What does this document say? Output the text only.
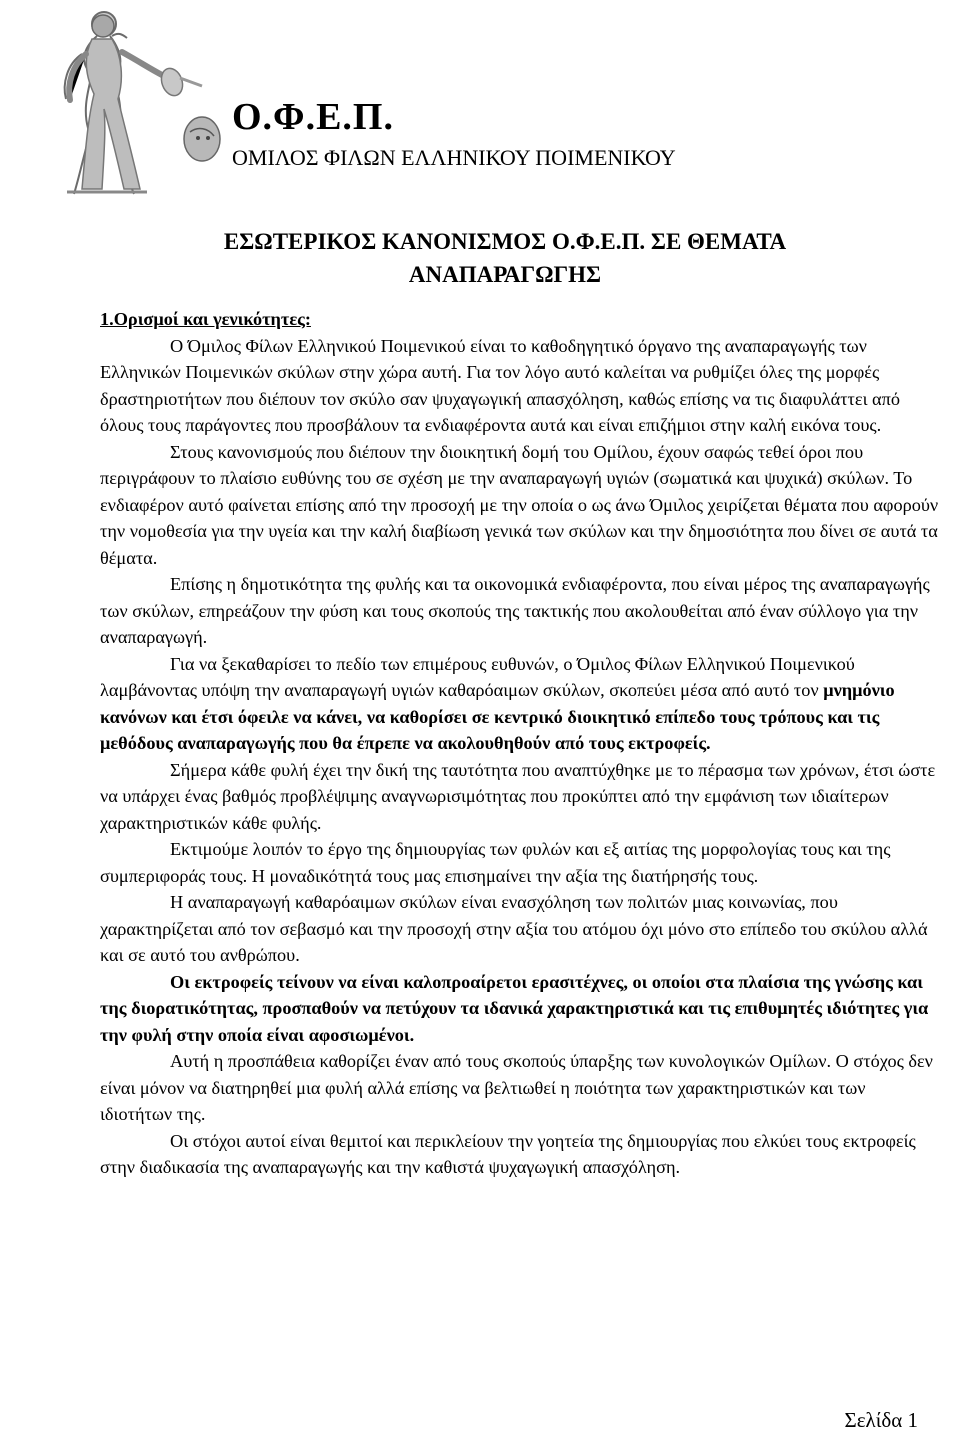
Ο.Φ.Ε.Π.

ΟΜΙΛΟΣ ΦΙΛΩΝ ΕΛΛΗΝΙΚΟΥ ΠΟΙΜΕΝΙΚΟΥ

ΕΣΩΤΕΡΙΚΟΣ ΚΑΝΟΝΙΣΜΟΣ Ο.Φ.Ε.Π. ΣΕ ΘΕΜΑΤΑ
ΑΝΑΠΑΡΑΓΩΓΗΣ

1.Ορισμοί και γενικότητες:

Ο Όμιλος Φίλων Ελληνικού Ποιμενικού είναι το καθοδηγητικό όργανο της αναπαραγωγής των Ελληνικών Ποιμενικών σκύλων στην χώρα αυτή. Για τον λόγο αυτό καλείται να ρυθμίζει όλες της μορφές δραστηριοτήτων που διέπουν τον σκύλο σαν ψυχαγωγική απασχόληση, καθώς επίσης να τις διαφυλάττει από όλους τους παράγοντες που προσβάλουν τα ενδιαφέροντα αυτά και είναι επιζήμιοι στην καλή εικόνα τους.

Στους κανονισμούς που διέπουν την διοικητική δομή του Ομίλου, έχουν σαφώς τεθεί όροι που περιγράφουν το πλαίσιο ευθύνης του σε σχέση με την αναπαραγωγή υγιών (σωματικά και ψυχικά) σκύλων. Το ενδιαφέρον αυτό φαίνεται επίσης από την προσοχή με την οποία ο ως άνω Όμιλος χειρίζεται θέματα που αφορούν την νομοθεσία για την υγεία και την καλή διαβίωση γενικά των σκύλων και την δημοσιότητα που δίνει σε αυτά τα θέματα.

Επίσης η δημοτικότητα της φυλής και τα οικονομικά ενδιαφέροντα, που είναι μέρος της αναπαραγωγής των σκύλων, επηρεάζουν την φύση και τους σκοπούς της τακτικής που ακολουθείται από έναν σύλλογο για την αναπαραγωγή.

Για να ξεκαθαρίσει το πεδίο των επιμέρους ευθυνών, ο Όμιλος Φίλων Ελληνικού Ποιμενικού λαμβάνοντας υπόψη την αναπαραγωγή υγιών καθαρόαιμων σκύλων, σκοπεύει μέσα από αυτό τον μνημόνιο κανόνων και έτσι όφειλε να κάνει, να καθορίσει σε κεντρικό διοικητικό επίπεδο τους τρόπους και τις μεθόδους αναπαραγωγής που θα έπρεπε να ακολουθηθούν από τους εκτροφείς.

Σήμερα κάθε φυλή έχει την δική της ταυτότητα που αναπτύχθηκε με το πέρασμα των χρόνων, έτσι ώστε να υπάρχει ένας βαθμός προβλέψιμης αναγνωρισιμότητας που προκύπτει από την εμφάνιση των ιδιαίτερων χαρακτηριστικών κάθε φυλής.

Εκτιμούμε λοιπόν το έργο της δημιουργίας των φυλών και εξ αιτίας της μορφολογίας τους και της συμπεριφοράς τους. Η μοναδικότητά τους μας επισημαίνει την αξία της διατήρησής τους.

Η αναπαραγωγή καθαρόαιμων σκύλων είναι ενασχόληση των πολιτών μιας κοινωνίας, που χαρακτηρίζεται από τον σεβασμό και την προσοχή στην αξία του ατόμου όχι μόνο στο επίπεδο του σκύλου αλλά και σε αυτό του ανθρώπου.

Οι εκτροφείς τείνουν να είναι καλοπροαίρετοι ερασιτέχνες, οι οποίοι στα πλαίσια της γνώσης και της διορατικότητας, προσπαθούν να πετύχουν τα ιδανικά χαρακτηριστικά και τις επιθυμητές ιδιότητες για την φυλή στην οποία είναι αφοσιωμένοι.

Αυτή η προσπάθεια καθορίζει έναν από τους σκοπούς ύπαρξης των κυνολογικών Ομίλων. Ο στόχος δεν είναι μόνον να διατηρηθεί μια φυλή αλλά επίσης να βελτιωθεί η ποιότητα των χαρακτηριστικών και των ιδιοτήτων της.

Οι στόχοι αυτοί είναι θεμιτοί και περικλείουν την γοητεία της δημιουργίας που ελκύει τους εκτροφείς στην διαδικασία της αναπαραγωγής και την καθιστά ψυχαγωγική απασχόληση.

Σελίδα 1
